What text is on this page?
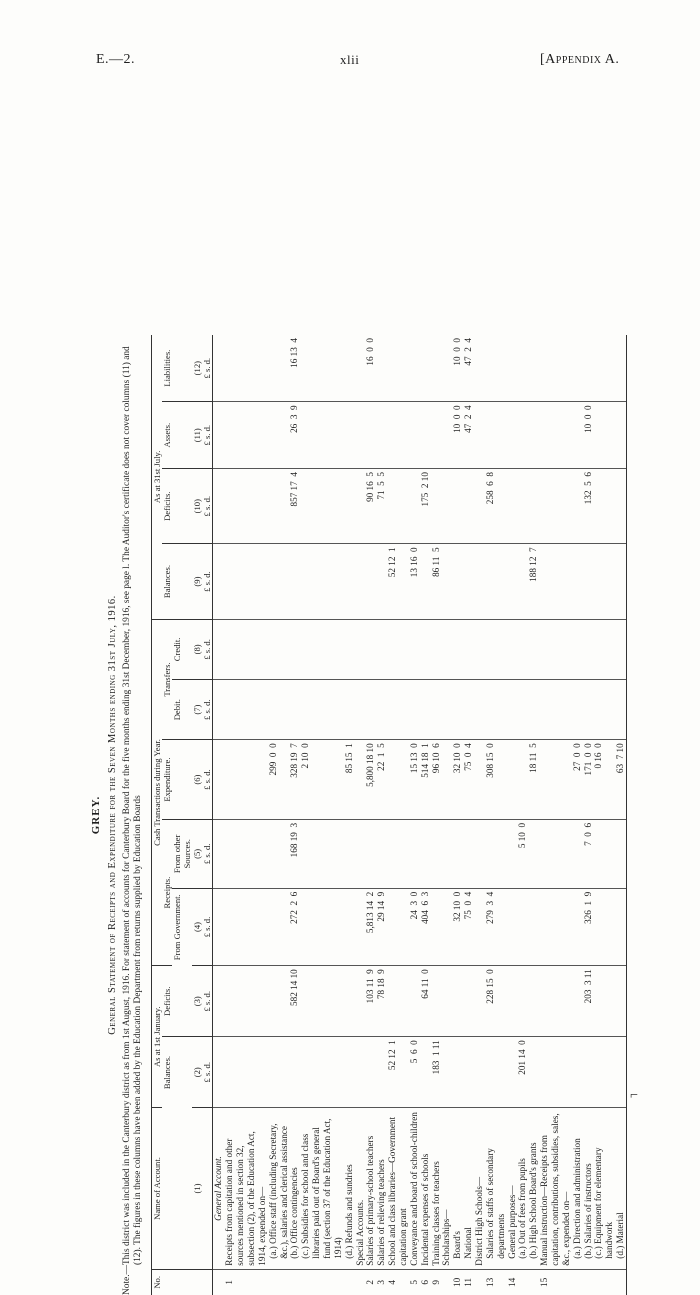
E.—2.	xlii	[Appendix A.
GREY. General Statement of Receipts and Expenditure for the Seven Months ending 31st July, 1916. Note.—This district was included in the Canterbury district as from 1st August, 1916. For statement of accounts for Canterbury Board for the five months ending 31st December, 1916, see page l. The Auditor's certificate does not cover columns (11) and (12). The figures in these columns have been added by the Education Department from returns supplied by Education Boards

No.	Name of Account.	As at 1st January.		Cash Transactions during Year.					As at 31st July.			
		Balances.	Deficits.	Receipts.		Expenditure.	Transfers.		Balances.	Deficits.	Assets.	Liabilities.
				From Government.	From other Sources.		Debit.	Credit.				
	(1)	(2)	(3)	(4)	(5)	(6)	(7)	(8)	(9)	(10)	(11)	(12)
		£ s. d.	£ s. d.	£ s. d.	£ s. d.	£ s. d.	£ s. d.	£ s. d.	£ s. d.	£ s. d.	£ s. d.	£ s. d.
	General Account.											
1	Receipts from capitation and other sources mentioned in section 32, subsection (2), of the Education Act, 1914, expended on—											
	(a.) Office staff (including Secretary, &c.), salaries and clerical assistance					299  0  0						
	(b.) Office contingencies		582 14 10	272  2  6	168 19  3	328 19  7				857 17  4	26  3  9	16 13  4
	(c.) Subsidies for school and class libraries paid out of Board's general fund (section 37 of the Education Act, 1914)					2 10  0						
	(d.) Refunds and sundries					85 15  1						
	Special Accounts.											
2	Salaries of primary-school teachers		103 11  9	5,813 14  2		5,800 18 10				90 16  5		16  0  0
3	Salaries of relieving teachers		78 18  9	29 14  9		22  1  5				71  5  5		
4	School and class libraries—Government capitation grant	52 12  1							52 12  1			
5	Conveyance and board of school-children	5  6  0		24  3  0		15 13  0			13 16  0			
6	Incidental expenses of schools		64 11  0	404  6  3		514 18  1				175  2 10		
9	Training classes for teachers	183  1 11				96 10  6			86 11  5			
	Scholarships—											
10	Board's			32 10  0		32 10  0					10  0  0	10  0  0
11	National			75  0  4		75  0  4					47  2  4	47  2  4
	District High Schools—											
13	Salaries of staffs of secondary departments		228 15  0	279  3  4		308 15  0				258  6  8		
14	General purposes—											
	(a.) Out of fees from pupils	201 14  0			5 10  0							
	(b.) High School Board's grants					18 11  5			188 12  7			
15	Manual instruction—Receipts from capitation, contributions, subsidies, sales, &c., expended on—											
	(a.) Direction and administration					27  0  0						
	(b.) Salaries of instructors		203  3 11	326  1  9	7  0  6	171  0  0				132  5  6	10  0  0	
	(c.) Equipment for elementary handwork					0 16  0						
	(d.) Material					63  7 10						
⌐
